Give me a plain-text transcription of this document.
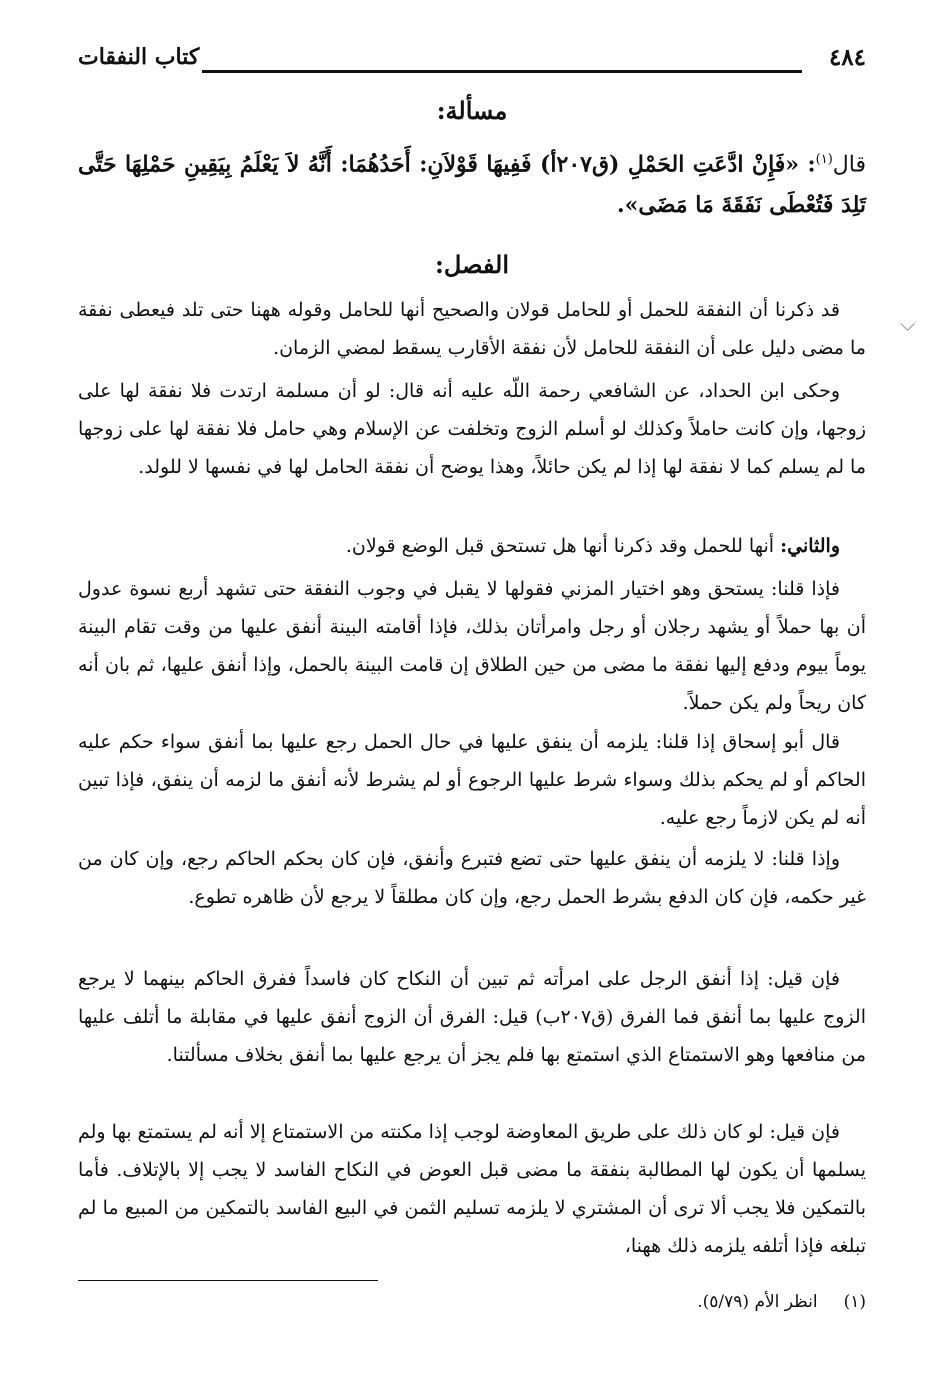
٤٨٤
كتاب النفقات
مسألة:
قال$^{(١)}$: «فَإِنْ ادَّعَتِ الحَمْلِ (ق٢٠٧أ) فَفِيهَا قَوْلاَنِ: أَحَدُهُمَا: أَنَّهُ لاَ يَعْلَمُ بِيَقِينِ حَمْلِهَا حَتَّى تَلِدَ فَتُعْطَى نَفَقَةَ مَا مَضَى».
الفصل:
قد ذكرنا أن النفقة للحمل أو للحامل قولان والصحيح أنها للحامل وقوله ههنا حتى تلد فيعطى نفقة ما مضى دليل على أن النفقة للحامل لأن نفقة الأقارب يسقط لمضي الزمان.
وحكى ابن الحداد، عن الشافعي رحمة اللّه عليه أنه قال: لو أن مسلمة ارتدت فلا نفقة لها على زوجها، وإن كانت حاملاً وكذلك لو أسلم الزوج وتخلفت عن الإسلام وهي حامل فلا نفقة لها على زوجها ما لم يسلم كما لا نفقة لها إذا لم يكن حائلاً، وهذا يوضح أن نفقة الحامل لها في نفسها لا للولد.
والثاني: أنها للحمل وقد ذكرنا أنها هل تستحق قبل الوضع قولان.
فإذا قلنا: يستحق وهو اختيار المزني فقولها لا يقبل في وجوب النفقة حتى تشهد أربع نسوة عدول أن بها حملاً أو يشهد رجلان أو رجل وامرأتان بذلك، فإذا أقامته البينة أنفق عليها من وقت تقام البينة يوماً بيوم ودفع إليها نفقة ما مضى من حين الطلاق إن قامت البينة بالحمل، وإذا أنفق عليها، ثم بان أنه كان ريحاً ولم يكن حملاً.
قال أبو إسحاق إذا قلنا: يلزمه أن ينفق عليها في حال الحمل رجع عليها بما أنفق سواء حكم عليه الحاكم أو لم يحكم بذلك وسواء شرط عليها الرجوع أو لم يشرط لأنه أنفق ما لزمه أن ينفق، فإذا تبين أنه لم يكن لازماً رجع عليه.
وإذا قلنا: لا يلزمه أن ينفق عليها حتى تضع فتبرع وأنفق، فإن كان بحكم الحاكم رجع، وإن كان من غير حكمه، فإن كان الدفع بشرط الحمل رجع، وإن كان مطلقاً لا يرجع لأن ظاهره تطوع.
فإن قيل: إذا أنفق الرجل على امرأته ثم تبين أن النكاح كان فاسداً ففرق الحاكم بينهما لا يرجع الزوج عليها بما أنفق فما الفرق (ق٢٠٧ب) قيل: الفرق أن الزوج أنفق عليها في مقابلة ما أتلف عليها من منافعها وهو الاستمتاع الذي استمتع بها فلم يجز أن يرجع عليها بما أنفق بخلاف مسألتنا.
فإن قيل: لو كان ذلك على طريق المعاوضة لوجب إذا مكنته من الاستمتاع إلا أنه لم يستمتع بها ولم يسلمها أن يكون لها المطالبة بنفقة ما مضى قبل العوض في النكاح الفاسد لا يجب إلا بالإتلاف. فأما بالتمكين فلا يجب ألا ترى أن المشتري لا يلزمه تسليم الثمن في البيع الفاسد بالتمكين من المبيع ما لم تبلغه فإذا أتلفه يلزمه ذلك ههنا،
(١)انظر الأم (٥/٧٩).
⌵
